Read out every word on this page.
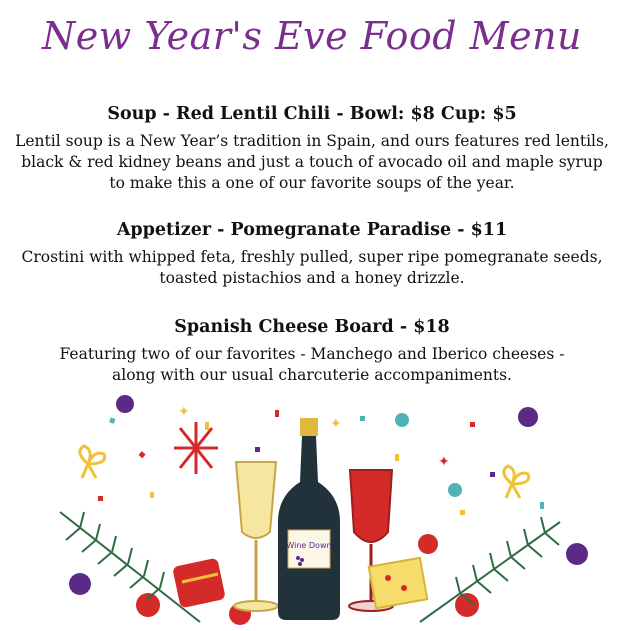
New Year's Eve Food Menu
Soup - Red Lentil Chili - Bowl: $8 Cup: $5
Lentil soup is a New Year’s tradition in Spain, and ours features red lentils,
black & red kidney beans and just a touch of avocado oil and maple syrup
to make this a one of our favorite soups of the year.
Appetizer - Pomegranate Paradise - $11
Crostini with whipped feta, freshly pulled, super ripe pomegranate seeds,
toasted pistachios and a honey drizzle.
Spanish Cheese Board - $18
Featuring two of our favorites - Manchego and Iberico cheeses -
along with our usual charcuterie accompaniments.
✦
✦
✦
Wine Down
